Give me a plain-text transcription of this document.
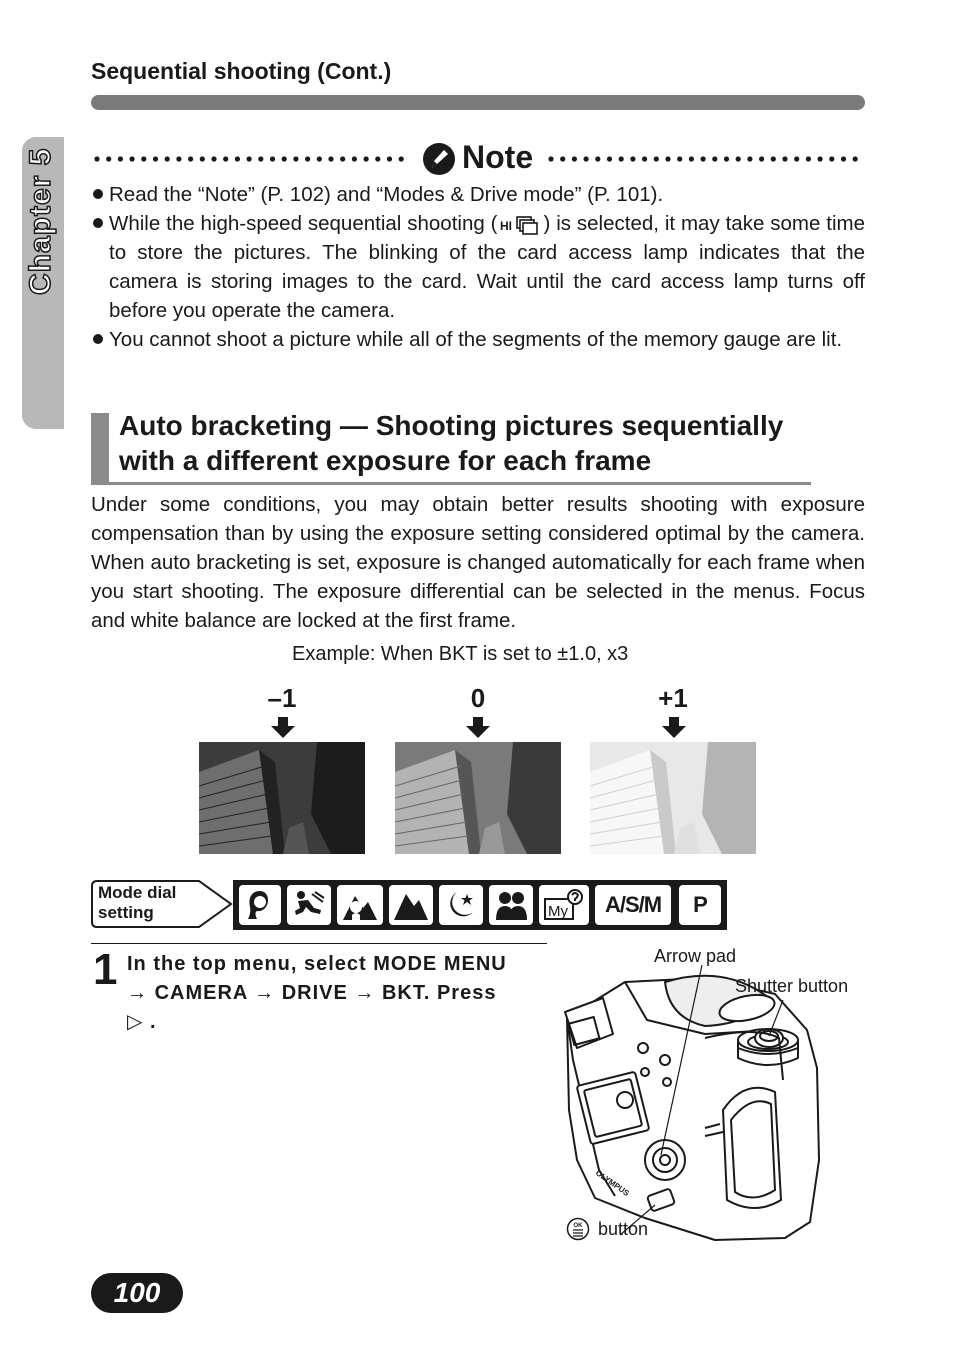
Sequential shooting (Cont.)
Chapter 5	Note
Read the “Note” (P. 102) and “Modes & Drive mode” (P. 101).
While the high-speed sequential shooting ( HI ) is selected, it may take some time to store the pictures. The blinking of the card access lamp indicates that the camera is storing images to the card. Wait until the card access lamp turns off before you operate the camera.
You cannot shoot a picture while all of the segments of the memory gauge are lit.
Auto bracketing — Shooting pictures sequentially
with a different exposure for each frame
Under some conditions, you may obtain better results shooting with exposure compensation than by using the exposure setting considered optimal by the camera. When auto bracketing is set, exposure is changed automatically for each frame when you start shooting. The exposure differential can be selected in the menus. Focus and white balance are locked at the first frame.
Example: When BKT is set to ±1.0, x3
–1	0	+1
Mode dial
setting	My A/S/M P
1 In the top menu, select MODE MENU
→ CAMERA → DRIVE → BKT. Press
▷ .
OLYMPUS
Arrow pad
Shutter button
OK button
100
